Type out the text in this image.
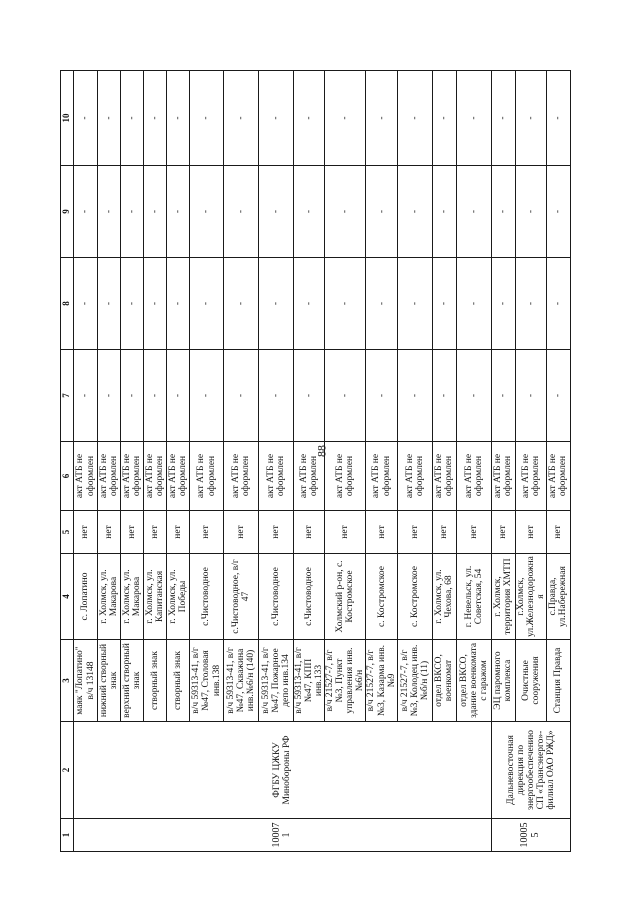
88
1	2	3	4	5	6	7	8	9	10
100071	ФГБУ ЦЖКУ Минобороны РФ	маяк "Лопатино" в/ч 13148	с. Лопатино	нет	акт АТБ не оформлен	-	-	-	-
		нижний створный знак	г. Холмск, ул. Макарова	нет	акт АТБ не оформлен	-	-	-	-
		верхний створный знак	г. Холмск, ул. Макарова	нет	акт АТБ не оформлен	-	-	-	-
		створный знак	г. Холмск, ул. Капитанская	нет	акт АТБ не оформлен	-	-	-	-
		створный знак	г. Холмск, ул. Победы	нет	акт АТБ не оформлен	-	-	-	-
		в/ч 59313-41, в/г №47, Столовая инв.138	с.Чистоводное	нет	акт АТБ не оформлен	-	-	-	-
		в/ч 59313-41, в/г №47, Скважина инв.№6/н (140)	с.Чистоводное, в/г 47	нет	акт АТБ не оформлен	-	-	-	-
		в/ч 59313-41, в/г №47, Пожарное депо инв.134	с.Чистоводное	нет	акт АТБ не оформлен	-	-	-	-
		в/ч 59313-41, в/г №47, КПП инв.133	с.Чистоводное	нет	акт АТБ не оформлен	-	-	-	-
		в/ч 21527-7, в/г №3, Пункт управления инв.№6/н	Холмский р-он, с. Костромское	нет	акт АТБ не оформлен	-	-	-	-
		в/ч 21527-7, в/г №3, Казарма инв.№9	с. Костромское	нет	акт АТБ не оформлен	-	-	-	-
		в/ч 21527-7, в/г №3, Колодец инв.№б/н (11)	с. Костромское	нет	акт АТБ не оформлен	-	-	-	-
		отдел ВКСО, военкомат	г. Холмск, ул. Чехова, 68	нет	акт АТБ не оформлен	-	-	-	-
		отдел ВКСО, здание военкомата с гаражом	г. Невельск, ул. Советская, 54	нет	акт АТБ не оформлен	-	-	-	-
100055	Дальневосточная дирекция по энергообеспечению СП «Трансэнерго»-филиал ОАО РЖД»	ЭЦ паромного комплекса	г. Холмск, территория ХМТП	нет	акт АТБ не оформлен	-	-	-	-
		Очистные сооружения	г.Холмск, ул.Железнодорожная	нет	акт АТБ не оформлен	-	-	-	-
		Станция Правда	с.Правда, ул.Набережная	нет	акт АТБ не оформлен	-	-	-	-
